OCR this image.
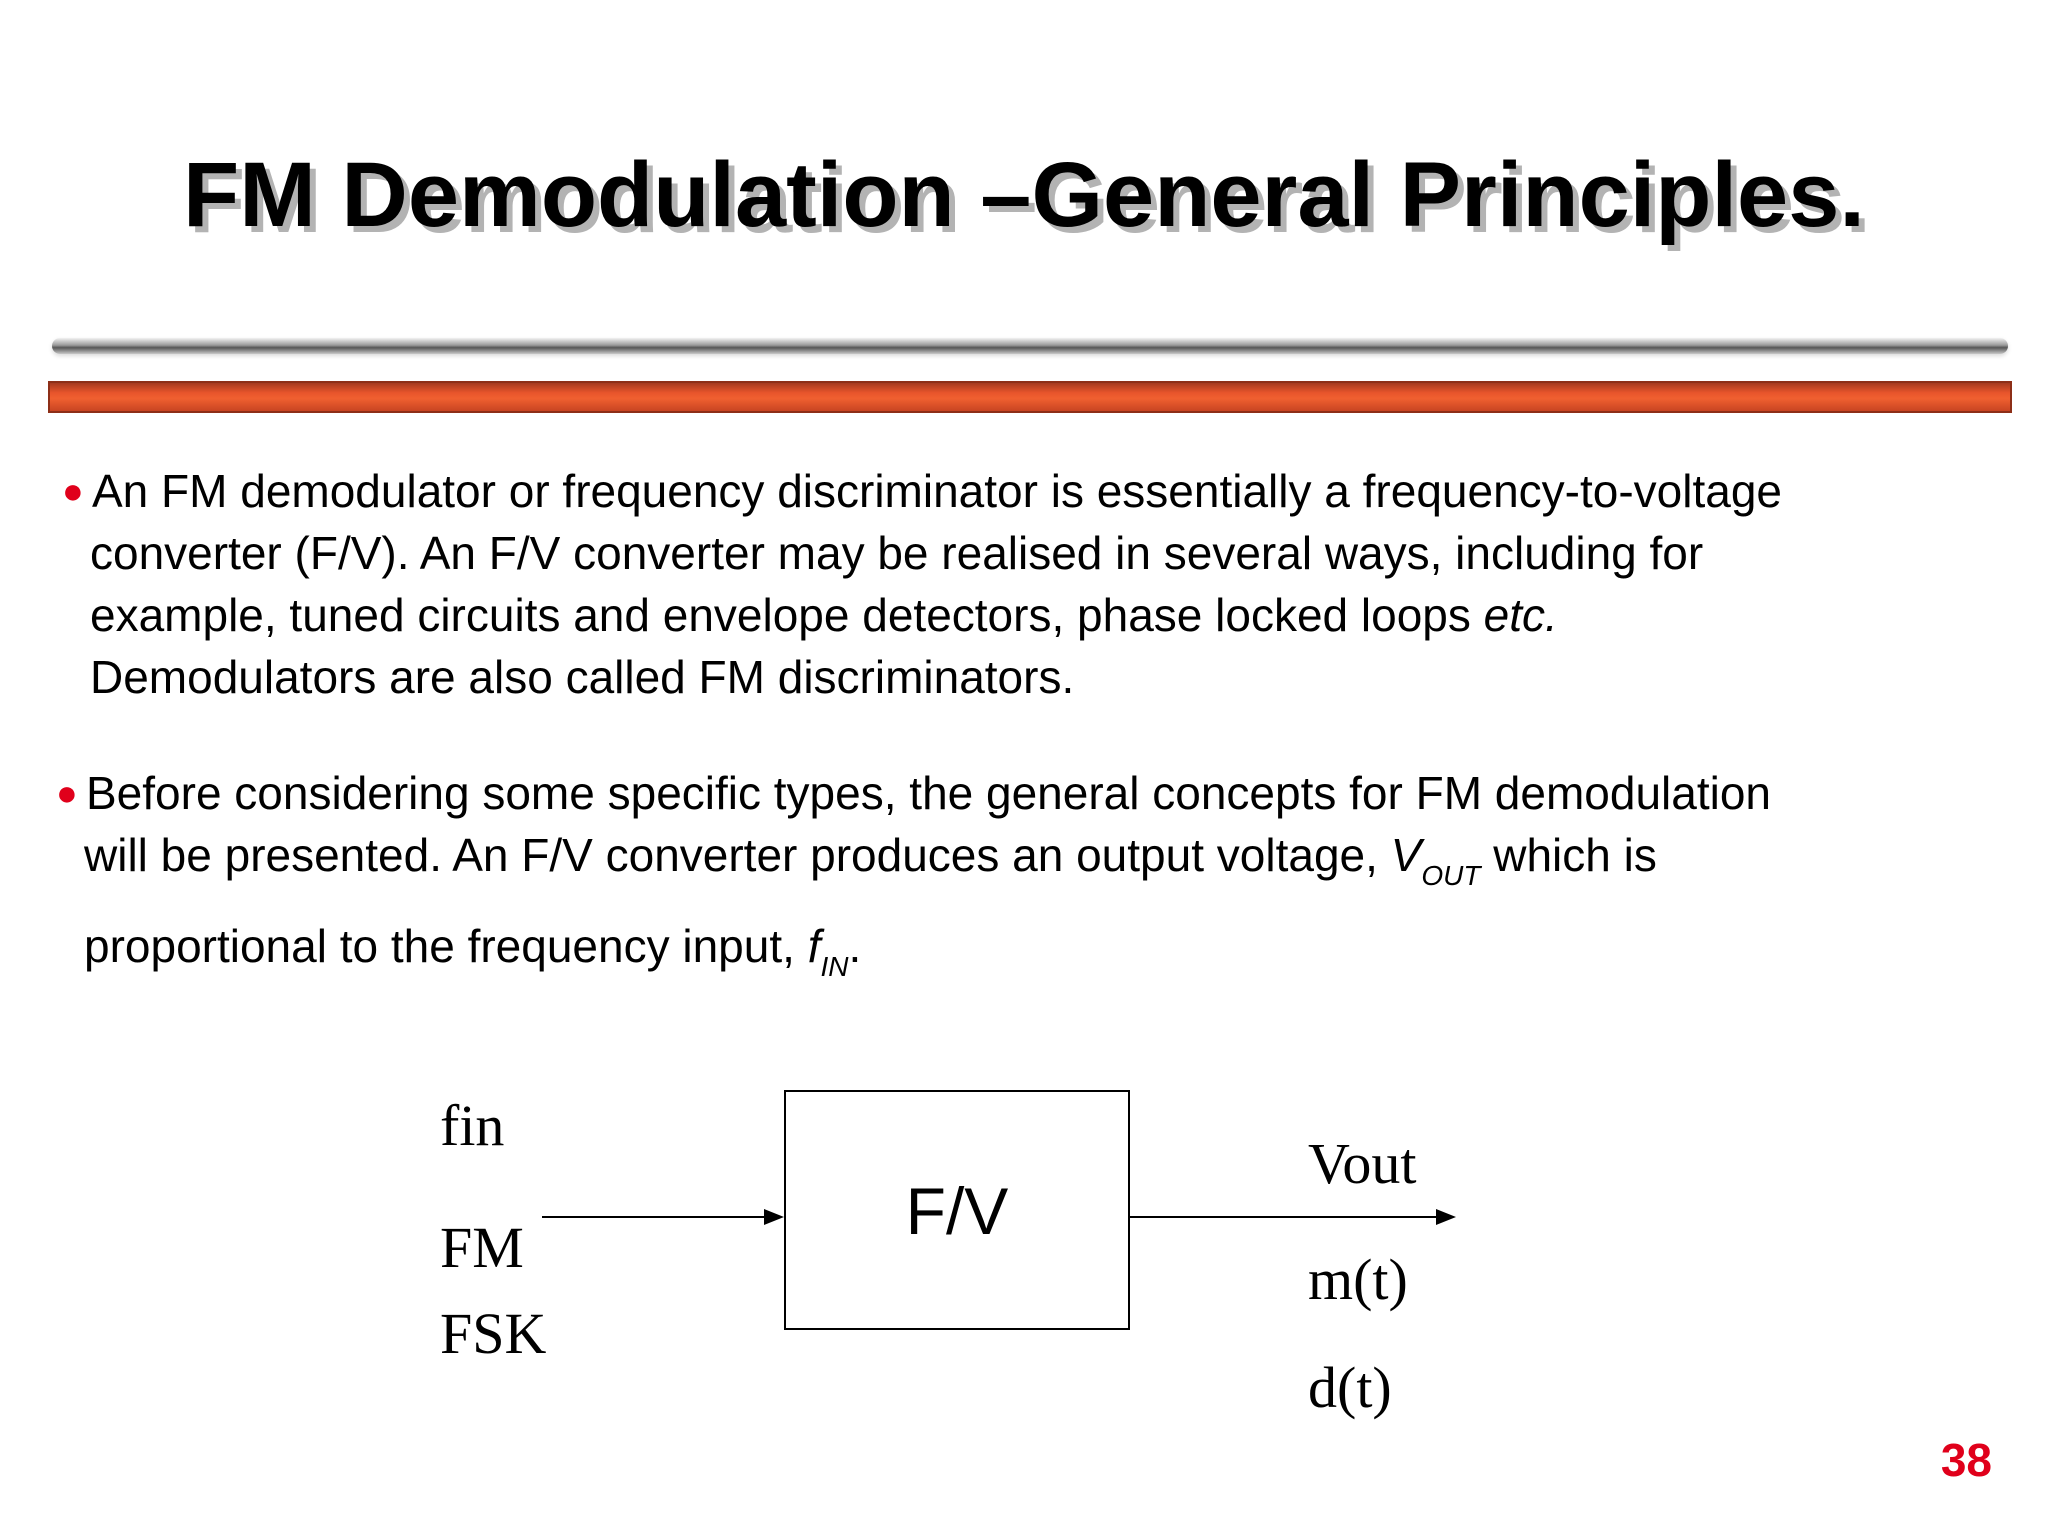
FM Demodulation –General Principles.
● An FM demodulator or frequency discriminator is essentially a frequency-to-voltage
converter (F/V). An F/V converter may be realised in several ways, including for
example, tuned circuits and envelope detectors, phase locked loops etc.
Demodulators are also called FM discriminators.
● Before considering some specific types, the general concepts for FM demodulation
will be presented. An F/V converter produces an output voltage, $V_{OUT}$ which is
proportional to the frequency input, $f_{IN}$.
fin
FM
FSK
F/V
Vout
m(t)
d(t)
38
